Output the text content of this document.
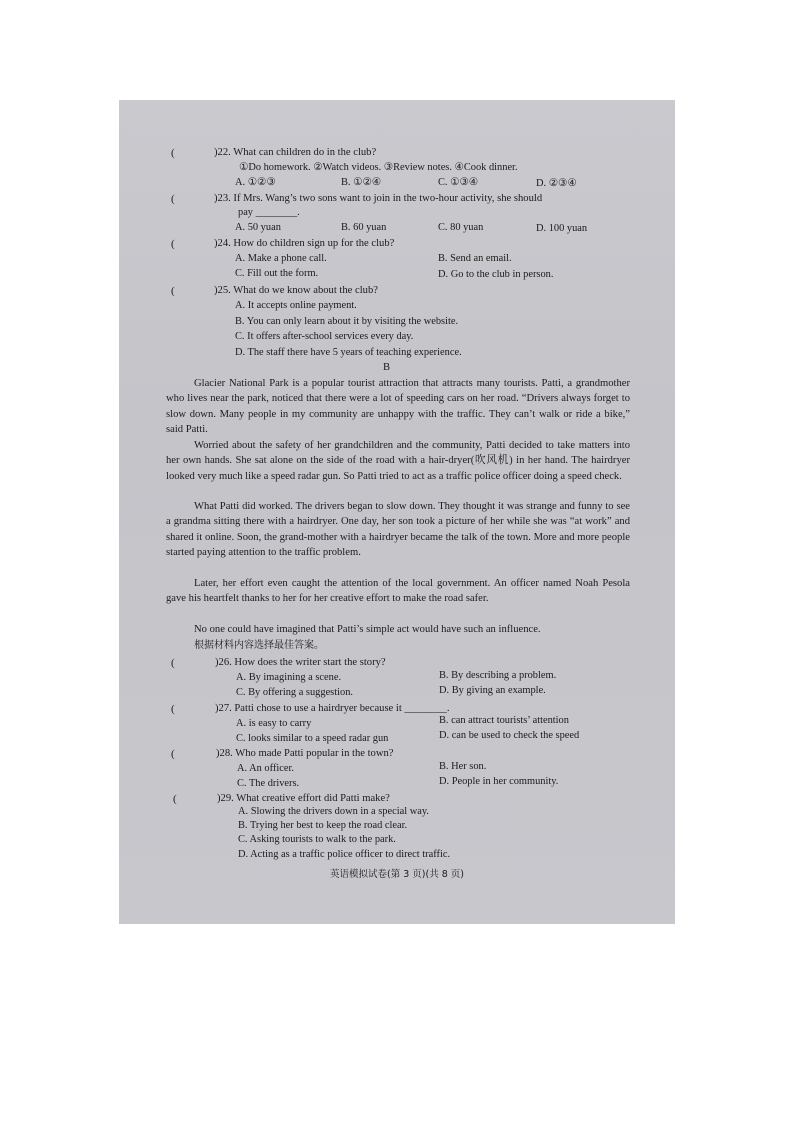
(	)22. What can children do in the club?
①Do homework. ②Watch videos. ③Review notes. ④Cook dinner.
A. ①②③	B. ①②④	C. ①③④	D. ②③④
(	)23. If Mrs. Wang’s two sons want to join in the two-hour activity, she should
pay ________.
A. 50 yuan	B. 60 yuan	C. 80 yuan	D. 100 yuan
(	)24. How do children sign up for the club?
A. Make a phone call.	B. Send an email.
C. Fill out the form.	D. Go to the club in person.
(	)25. What do we know about the club?
A. It accepts online payment.
B. You can only learn about it by visiting the website.
C. It offers after-school services every day.
D. The staff there have 5 years of teaching experience.
B
Glacier National Park is a popular tourist attraction that attracts many tourists. Patti, a grandmother who lives near the park, noticed that there were a lot of speeding cars on her road. “Drivers always forget to slow down. Many people in my community are unhappy with the traffic. They can’t walk or ride a bike,” said Patti.
Worried about the safety of her grandchildren and the community, Patti decided to take matters into her own hands. She sat alone on the side of the road with a hair-dryer(吹风机) in her hand. The hairdryer looked very much like a speed radar gun. So Patti tried to act as a traffic police officer doing a speed check.
What Patti did worked. The drivers began to slow down. They thought it was strange and funny to see a grandma sitting there with a hairdryer. One day, her son took a picture of her while she was “at work” and shared it online. Soon, the grand-mother with a hairdryer became the talk of the town. More and more people started paying attention to the traffic problem.
Later, her effort even caught the attention of the local government. An officer named Noah Pesola gave his heartfelt thanks to her for her creative effort to make the road safer.
No one could have imagined that Patti’s simple act would have such an influence.
根据材料内容选择最佳答案。
(	)26. How does the writer start the story?
A. By imagining a scene.	B. By describing a problem.
C. By offering a suggestion.	D. By giving an example.
(	)27. Patti chose to use a hairdryer because it ________.
A. is easy to carry	B. can attract tourists’ attention
C. looks similar to a speed radar gun	D. can be used to check the speed
(	)28. Who made Patti popular in the town?
A. An officer.	B. Her son.
C. The drivers.	D. People in her community.
(	)29. What creative effort did Patti make?
A. Slowing the drivers down in a special way.
B. Trying her best to keep the road clear.
C. Asking tourists to walk to the park.
D. Acting as a traffic police officer to direct traffic.
英语模拟试卷(第 3 页)(共 8 页)
